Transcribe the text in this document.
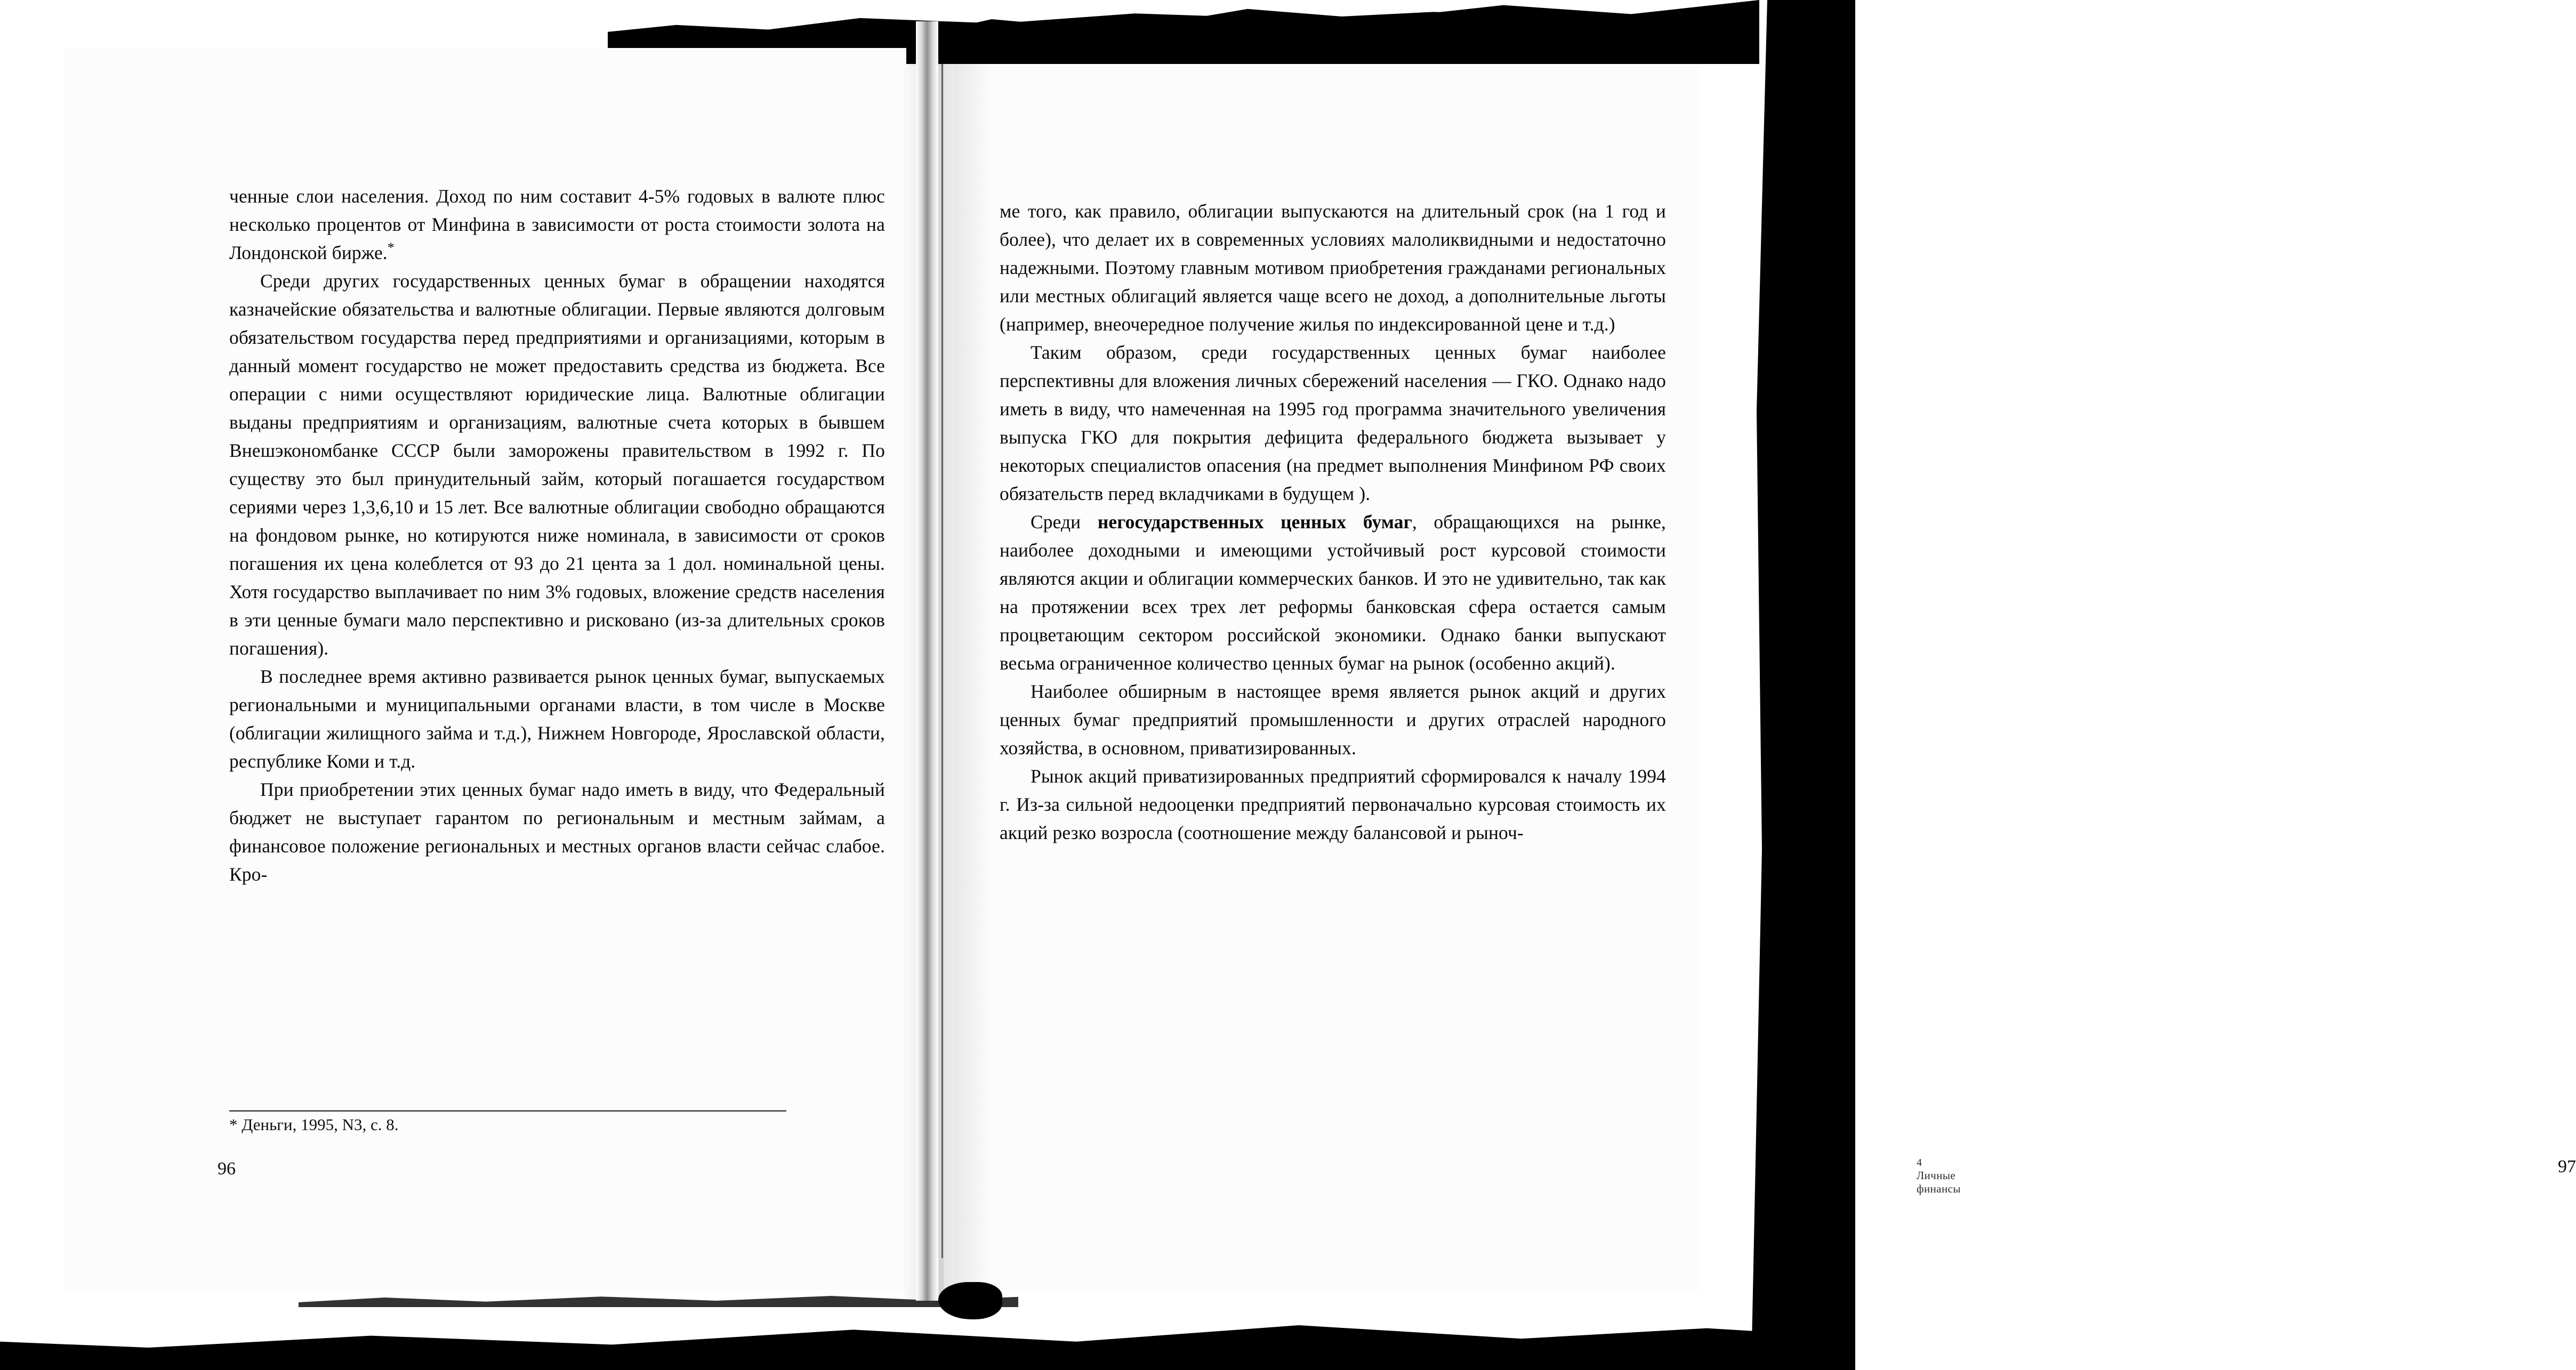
ченные слои населения. Доход по ним составит 4-5% годовых в валюте плюс несколько процентов от Минфина в зависимости от роста стоимости золота на Лондонской бирже.*

Среди других государственных ценных бумаг в обращении находятся казначейские обязательства и валютные облигации. Первые являются долговым обязательством государства перед предприятиями и организациями, которым в данный момент государство не может предоставить средства из бюджета. Все операции с ними осуществляют юридические лица. Валютные облигации выданы предприятиям и организациям, валютные счета которых в бывшем Внешэкономбанке СССР были заморожены правительством в 1992 г. По существу это был принудительный займ, который погашается государством сериями через 1,3,6,10 и 15 лет. Все валютные облигации свободно обращаются на фондовом рынке, но котируются ниже номинала, в зависимости от сроков погашения их цена колеблется от 93 до 21 цента за 1 дол. номинальной цены. Хотя государство выплачивает по ним 3% годовых, вложение средств населения в эти ценные бумаги мало перспективно и рисковано (из-за длительных сроков погашения).

В последнее время активно развивается рынок ценных бумаг, выпускаемых региональными и муниципальными органами власти, в том числе в Москве (облигации жилищного займа и т.д.), Нижнем Новгороде, Ярославской области, республике Коми и т.д.

При приобретении этих ценных бумаг надо иметь в виду, что Федеральный бюджет не выступает гарантом по региональным и местным займам, а финансовое положение региональных и местных органов власти сейчас слабое. Кро-

* Деньги, 1995, N3, с. 8.
96

ме того, как правило, облигации выпускаются на длительный срок (на 1 год и более), что делает их в современных условиях малоликвидными и недостаточно надежными. Поэтому главным мотивом приобретения гражданами региональных или местных облигаций является чаще всего не доход, а дополнительные льготы (например, внеочередное получение жилья по индексированной цене и т.д.)

Таким образом, среди государственных ценных бумаг наиболее перспективны для вложения личных сбережений населения — ГКО. Однако надо иметь в виду, что намеченная на 1995 год программа значительного увеличения выпуска ГКО для покрытия дефицита федерального бюджета вызывает у некоторых специалистов опасения (на предмет выполнения Минфином РФ своих обязательств перед вкладчиками в будущем ).

Среди негосударственных ценных бумаг, обращающихся на рынке, наиболее доходными и имеющими устойчивый рост курсовой стоимости являются акции и облигации коммерческих банков. И это не удивительно, так как на протяжении всех трех лет реформы банковская сфера остается самым процветающим сектором российской экономики. Однако банки выпускают весьма ограниченное количество ценных бумаг на рынок (особенно акций).

Наиболее обширным в настоящее время является рынок акций и других ценных бумаг предприятий промышленности и других отраслей народного хозяйства, в основном, приватизированных.

Рынок акций приватизированных предприятий сформировался к началу 1994 г. Из-за сильной недооценки предприятий первоначально курсовая стоимость их акций резко возросла (соотношение между балансовой и рыноч-

4Личные финансы
97
